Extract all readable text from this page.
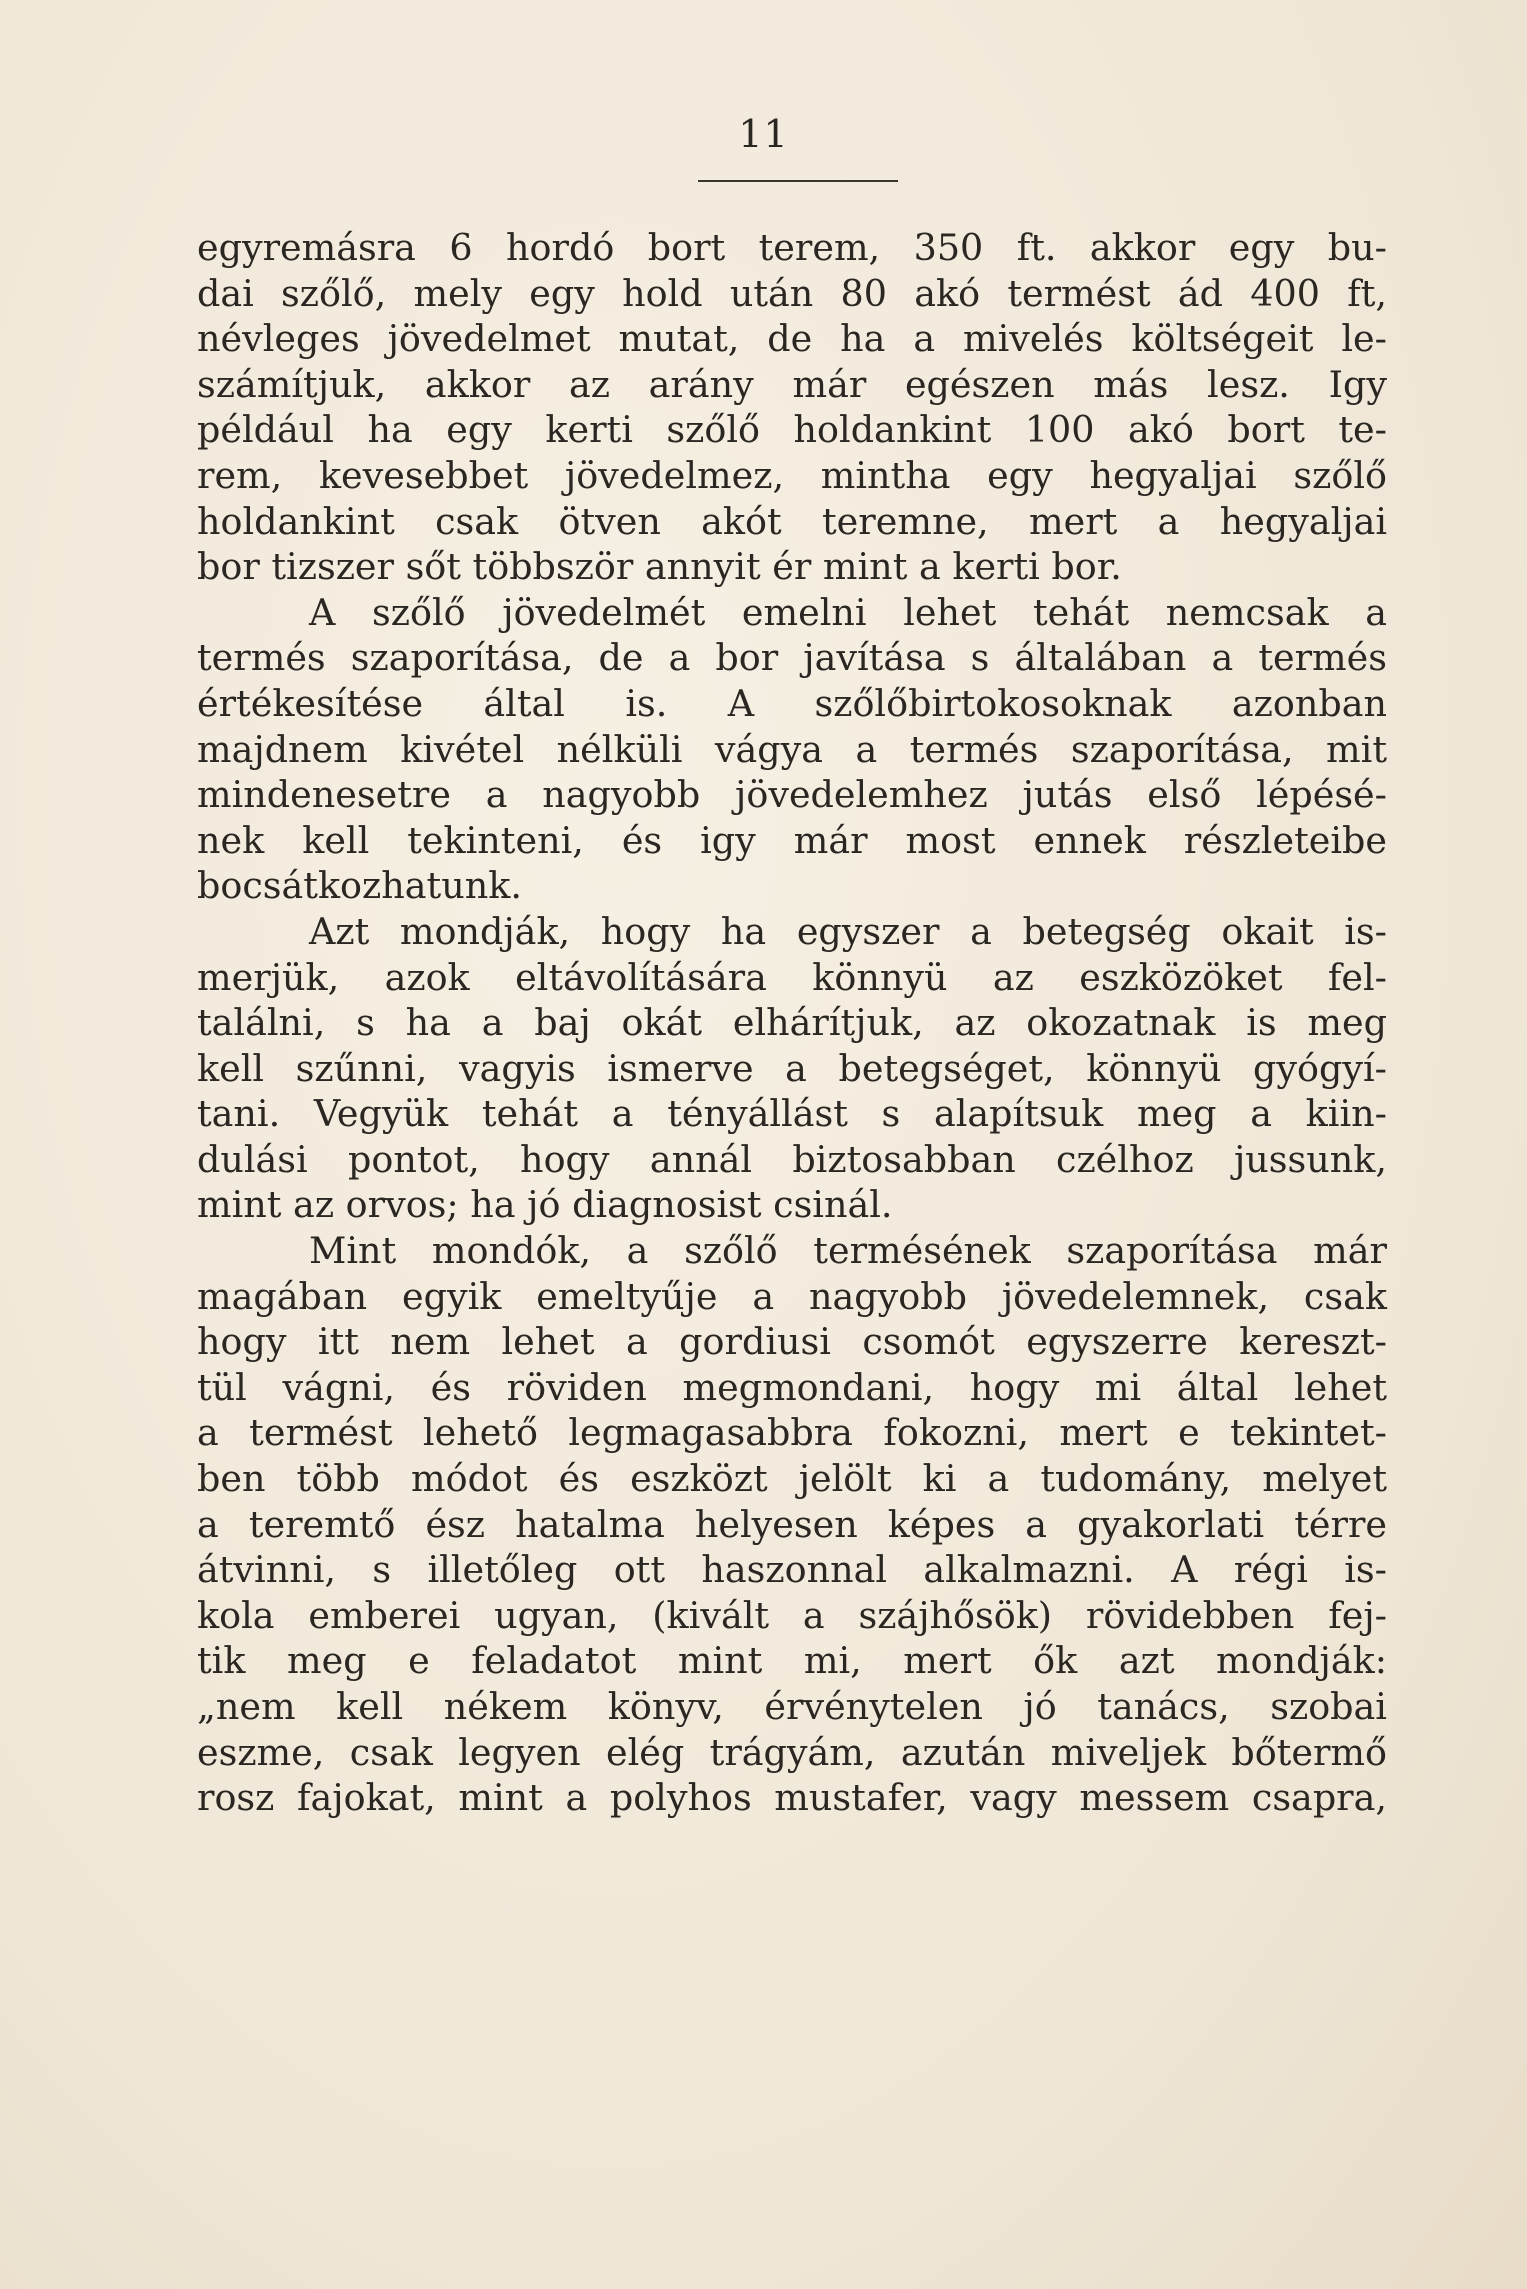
11
egyremásra 6 hordó bort terem, 350 ft. akkor egy bu-
dai szőlő, mely egy hold után 80 akó termést ád 400 ft,
névleges jövedelmet mutat, de ha a mivelés költségeit le-
számítjuk, akkor az arány már egészen más lesz. Igy
például ha egy kerti szőlő holdankint 100 akó bort te-
rem, kevesebbet jövedelmez, mintha egy hegyaljai szőlő
holdankint csak ötven akót teremne, mert a hegyaljai
bor tizszer sőt többször annyit ér mint a kerti bor.
A szőlő jövedelmét emelni lehet tehát nemcsak a
termés szaporítása, de a bor javítása s általában a termés
értékesítése által is. A szőlőbirtokosoknak azonban
majdnem kivétel nélküli vágya a termés szaporítása, mit
mindenesetre a nagyobb jövedelemhez jutás első lépésé-
nek kell tekinteni, és igy már most ennek részleteibe
bocsátkozhatunk.
Azt mondják, hogy ha egyszer a betegség okait is-
merjük, azok eltávolítására könnyü az eszközöket fel-
találni, s ha a baj okát elhárítjuk, az okozatnak is meg
kell szűnni, vagyis ismerve a betegséget, könnyü gyógyí-
tani. Vegyük tehát a tényállást s alapítsuk meg a kiin-
dulási pontot, hogy annál biztosabban czélhoz jussunk,
mint az orvos; ha jó diagnosist csinál.
Mint mondók, a szőlő termésének szaporítása már
magában egyik emeltyűje a nagyobb jövedelemnek, csak
hogy itt nem lehet a gordiusi csomót egyszerre kereszt-
tül vágni, és röviden megmondani, hogy mi által lehet
a termést lehető legmagasabbra fokozni, mert e tekintet-
ben több módot és eszközt jelölt ki a tudomány, melyet
a teremtő ész hatalma helyesen képes a gyakorlati térre
átvinni, s illetőleg ott haszonnal alkalmazni. A régi is-
kola emberei ugyan, (kivált a szájhősök) rövidebben fej-
tik meg e feladatot mint mi, mert ők azt mondják:
„nem kell nékem könyv, érvénytelen jó tanács, szobai
eszme, csak legyen elég trágyám, azután miveljek bőtermő
rosz fajokat, mint a polyhos mustafer, vagy messem csapra,
